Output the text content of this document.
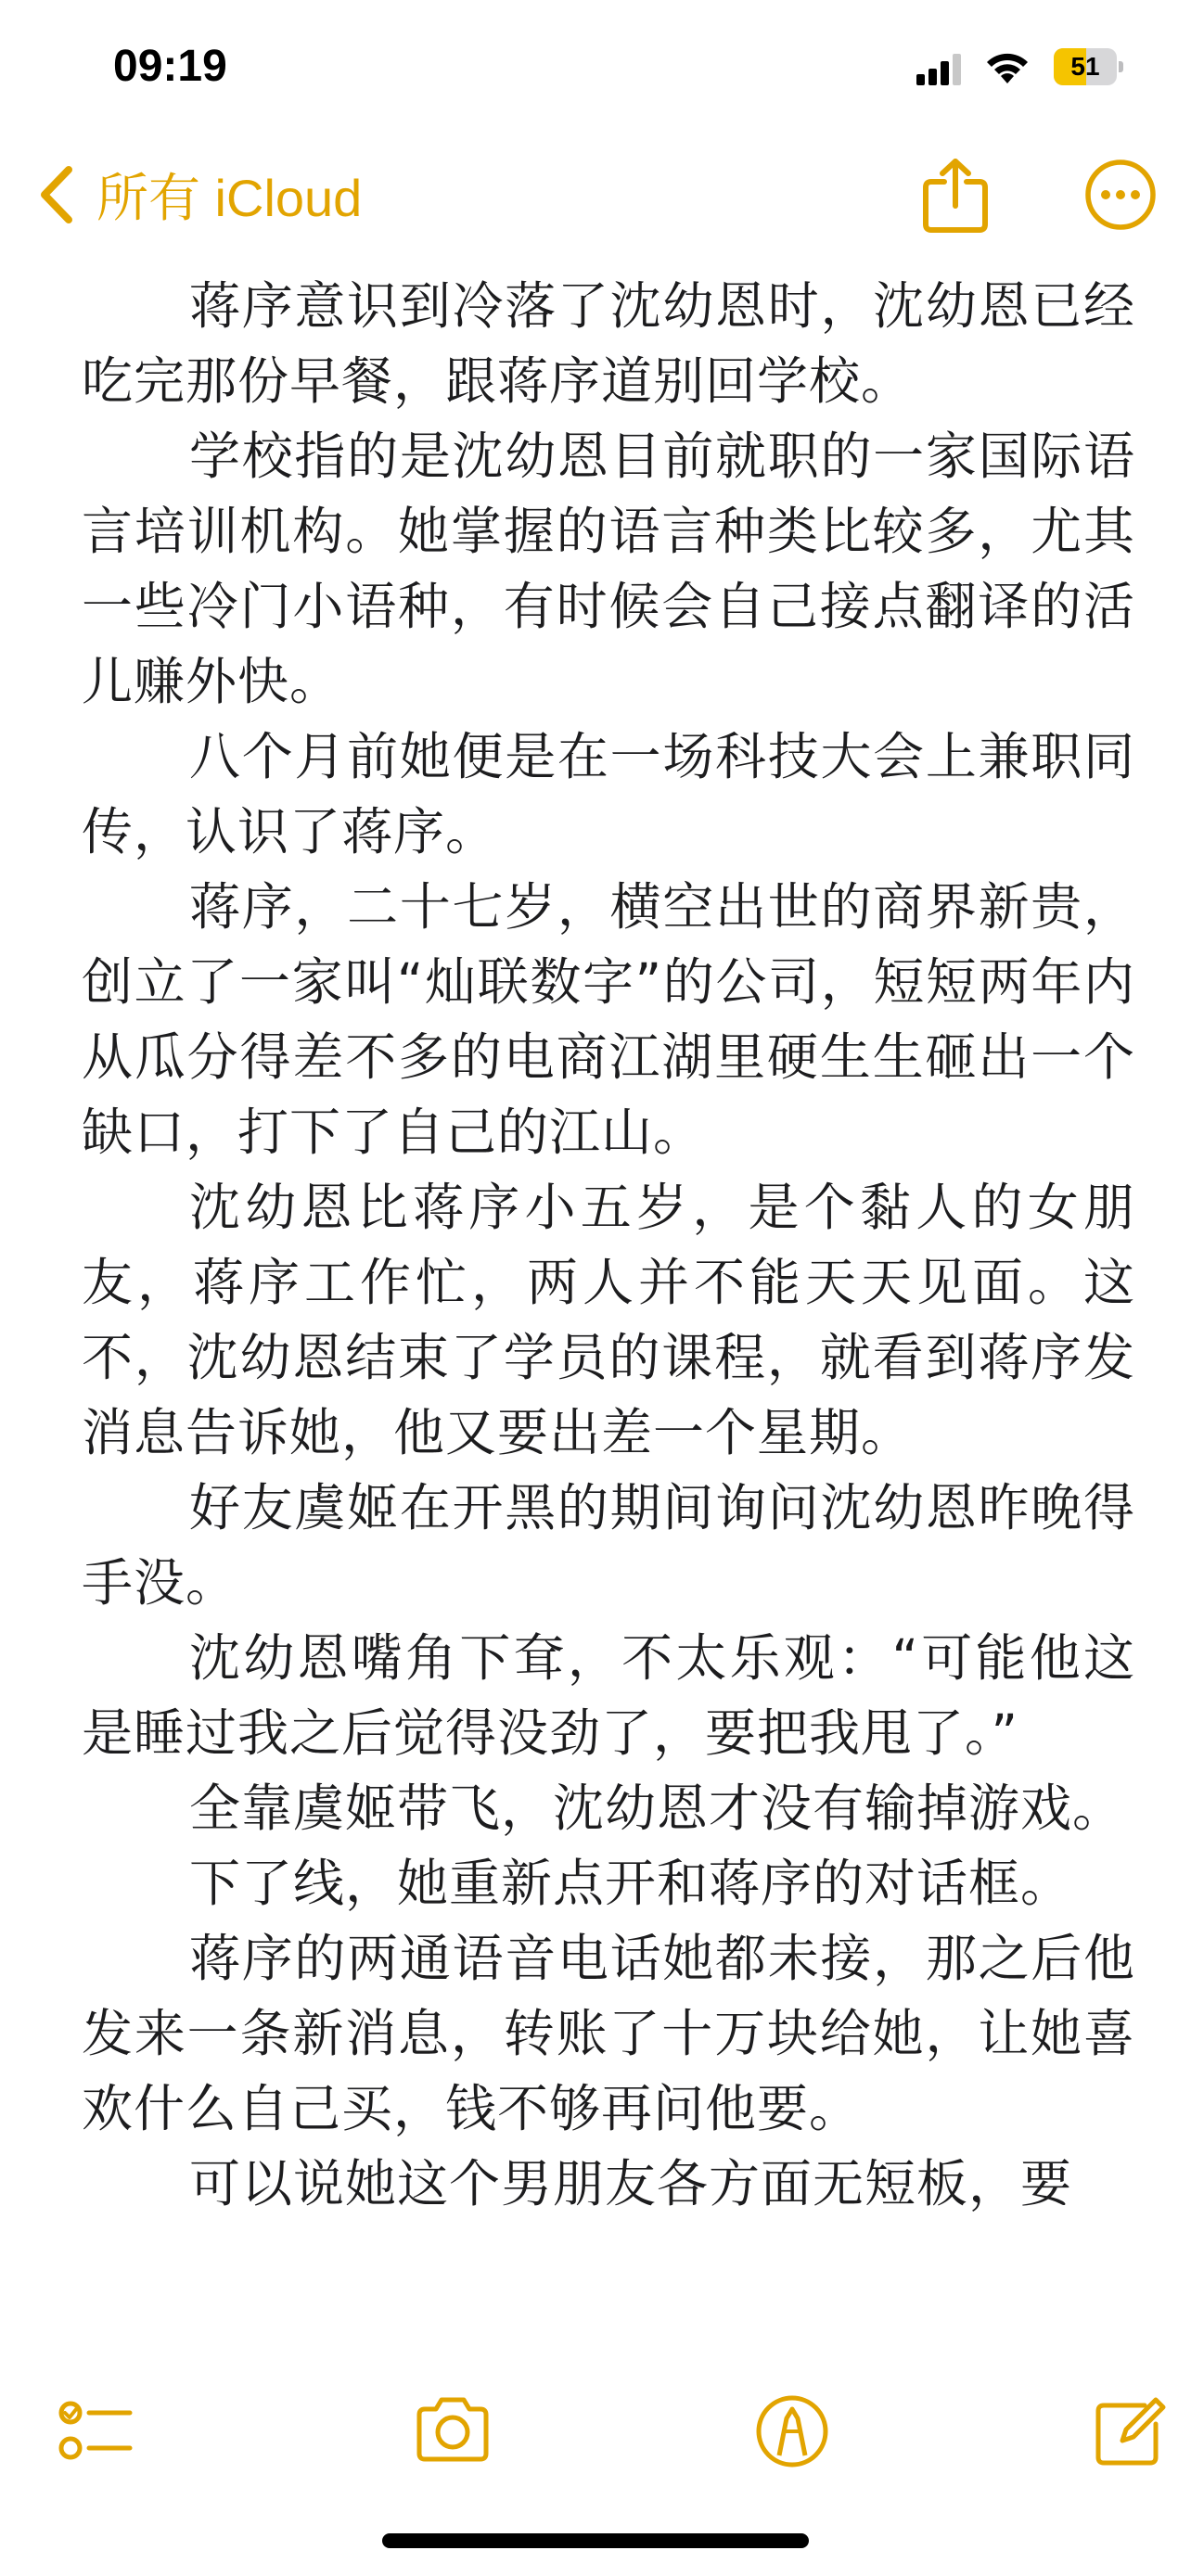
09:19	51
所有 iCloud

蒋序意识到冷落了沈幼恩时，沈幼恩已经吃完那份早餐，跟蒋序道别回学校。

学校指的是沈幼恩目前就职的一家国际语言培训机构。她掌握的语言种类比较多，尤其一些冷门小语种，有时候会自己接点翻译的活儿赚外快。

八个月前她便是在一场科技大会上兼职同传，认识了蒋序。

蒋序，二十七岁，横空出世的商界新贵，创立了一家叫“灿联数字”的公司，短短两年内从瓜分得差不多的电商江湖里硬生生砸出一个缺口，打下了自己的江山。

沈幼恩比蒋序小五岁，是个黏人的女朋友，蒋序工作忙，两人并不能天天见面。这不，沈幼恩结束了学员的课程，就看到蒋序发消息告诉她，他又要出差一个星期。

好友虞姬在开黑的期间询问沈幼恩昨晚得手没。

沈幼恩嘴角下耷，不太乐观：“可能他这是睡过我之后觉得没劲了，要把我甩了。”

全靠虞姬带飞，沈幼恩才没有输掉游戏。

下了线，她重新点开和蒋序的对话框。

蒋序的两通语音电话她都未接，那之后他发来一条新消息，转账了十万块给她，让她喜欢什么自己买，钱不够再问他要。

可以说她这个男朋友各方面无短板，要
